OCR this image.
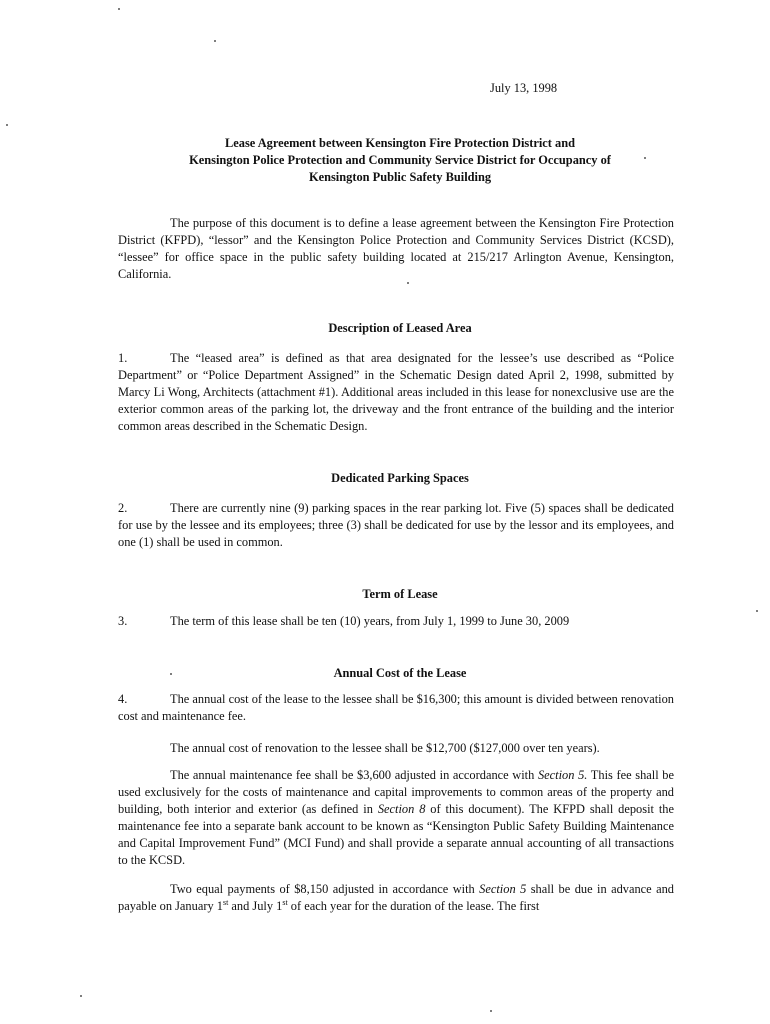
July 13, 1998
Lease Agreement between Kensington Fire Protection District and
Kensington Police Protection and Community Service District for Occupancy of
Kensington Public Safety Building
The purpose of this document is to define a lease agreement between the Kensington Fire Protection District (KFPD), “lessor” and the Kensington Police Protection and Community Services District (KCSD), “lessee” for office space in the public safety building located at 215/217 Arlington Avenue, Kensington, California.
Description of Leased Area
1.	The “leased area” is defined as that area designated for the lessee’s use described as “Police Department” or “Police Department Assigned” in the Schematic Design dated April 2, 1998, submitted by Marcy Li Wong, Architects (attachment #1). Additional areas included in this lease for nonexclusive use are the exterior common areas of the parking lot, the driveway and the front entrance of the building and the interior common areas described in the Schematic Design.
Dedicated Parking Spaces
2.	There are currently nine (9) parking spaces in the rear parking lot. Five (5) spaces shall be dedicated for use by the lessee and its employees; three (3) shall be dedicated for use by the lessor and its employees, and one (1) shall be used in common.
Term of Lease
3.	The term of this lease shall be ten (10) years, from July 1, 1999 to June 30, 2009
Annual Cost of the Lease
4.	The annual cost of the lease to the lessee shall be $16,300; this amount is divided between renovation cost and maintenance fee.
The annual cost of renovation to the lessee shall be $12,700 ($127,000 over ten years).
The annual maintenance fee shall be $3,600 adjusted in accordance with Section 5. This fee shall be used exclusively for the costs of maintenance and capital improvements to common areas of the property and building, both interior and exterior (as defined in Section 8 of this document). The KFPD shall deposit the maintenance fee into a separate bank account to be known as “Kensington Public Safety Building Maintenance and Capital Improvement Fund” (MCI Fund) and shall provide a separate annual accounting of all transactions to the KCSD.
Two equal payments of $8,150 adjusted in accordance with Section 5 shall be due in advance and payable on January 1st and July 1st of each year for the duration of the lease. The first
